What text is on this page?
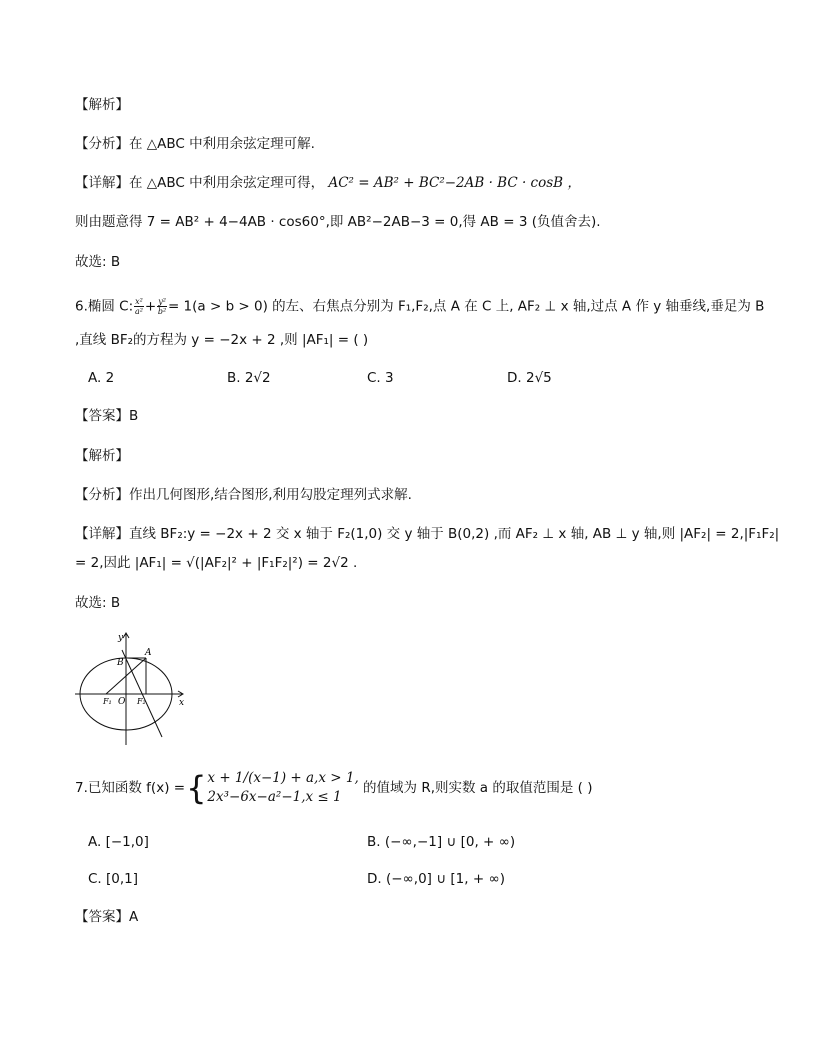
【解析】
【分析】在 △ABC 中利用余弦定理可解.
【详解】在 △ABC 中利用余弦定理可得， AC² = AB² + BC²−2AB · BC · cosB ，
则由题意得 7 = AB² + 4−4AB · cos60°,即 AB²−2AB−3 = 0,得 AB = 3 (负值舍去).
故选: B
6.椭圆 C: $\frac{\text{x²}}{\text{a²}} + \frac{\text{y²}}{\text{b²}} = 1(a > b > 0)$ 的左、右焦点分别为 F₁,F₂,点 A 在 C 上, AF₂ ⊥ x 轴,过点 A 作 y 轴垂线,垂足为 B
,直线 BF₂的方程为 y = −2x + 2 ,则 |AF₁| = ( )
A. 2	B. 2√2	C. 3	D. 2√5
【答案】B
【解析】
【分析】作出几何图形,结合图形,利用勾股定理列式求解.
【详解】直线 BF₂:y = −2x + 2 交 x 轴于 F₂(1,0) 交 y 轴于 B(0,2) ,而 AF₂ ⊥ x 轴, AB ⊥ y 轴,则 |AF₂| = 2,|F₁F₂|
= 2,因此 |AF₁| = √(|AF₂|² + |F₁F₂|²) = 2√2 .
故选: B
y
x
B
A
F₁ O F₂
7.已知函数 f(x) ={ x + 1/(x−1) + a,x > 1,
2x³−6x−a²−1,x ≤ 1
的值域为 R,则实数 a 的取值范围是 ( )
A. [−1,0]	B. (−∞,−1] ∪ [0, + ∞)
C. [0,1]	D. (−∞,0] ∪ [1, + ∞)
【答案】A
